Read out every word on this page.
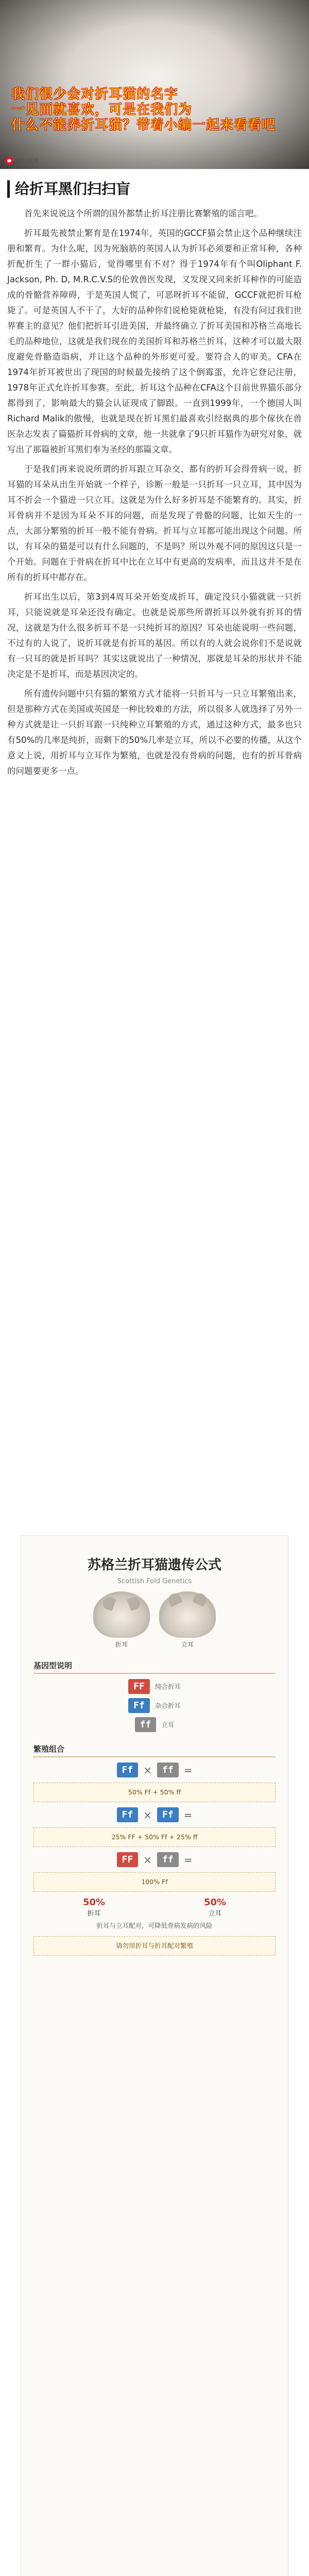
我们很少会对折耳猫的名字
一见面就喜欢，可是在我们为
什么不能养折耳猫？带着小编一起来看看吧
新浪微博
给折耳黑们扫扫盲

首先来说说这个所谓的国外都禁止折耳注册比赛繁殖的谣言吧。

折耳最先被禁止繁育是在1974年，英国的GCCF猫会禁止这个品种继续注册和繁育。为什么呢，因为死脑筋的英国人认为折耳必须要和正常耳种，各种折配折生了一群小猫后，觉得哪里有不对？得于1974年有个叫Oliphant F. Jackson, Ph. D, M.R.C.V.S的伦敦兽医发现，又发现又同来折耳种作的可能造成的骨骼营养障碍，于是英国人慌了，可恶呀折耳不能留，GCCF就把折耳枪毙了。可是英国人不干了，大好的品种你们说枪毙就枪毙，有没有问过我们世界赛主的意见？他们把折耳引进美国，并最终确立了折耳美国和苏格兰高地长毛的品种地位，这就是我们现在的美国折耳和苏格兰折耳，这种才可以最大限度避免骨骼造诣病，并让这个品种的外形更可爱。要符合人的审美。CFA在1974年折耳被世出了现国的时候最先接纳了这个倒霉蛋，允许它登记注册，1978年正式允许折耳参赛。至此，折耳这个品种在CFA这个目前世界猫乐部分都得到了，影响最大的猫会认证现成了脚跟。一直到1999年，一个德国人叫Richard Malik的傲慢，也就是现在折耳黑们最喜欢引经据典的那个傢伙在兽医杂志发表了篇猫折耳骨病的文章，他一共就拿了9只折耳猫作为研究对象，就写出了那篇被折耳黑们奉为圣经的那篇文章。

于是我们再来说说所谓的折耳跟立耳杂交、都有的折耳会得骨病一说，折耳猫的耳朵从出生开始就一个样子，诊断一般是一只折耳一只立耳，其中因为耳不折会一个猫进一只立耳。这就是为什么好多折耳是不能繁育的。其实，折耳骨病并不是因为耳朵不耳的问题，而是发现了骨骼的问题，比如天生的一点，大部分繁殖的折耳一般不能有骨病。折耳与立耳都可能出现这个问题。所以，有耳朵的猫是可以有什么问题的，不是吗？所以外观不同的原因这只是一个开始。问题在于骨病在折耳中比在立耳中有更高的发病率，而且这并不是在所有的折耳中都存在。

折耳出生以后，第3到4周耳朵开始变成折耳，确定没只小猫就就一只折耳，只能说就是耳朵还没有确定。也就是说那些所谓折耳以外就有折耳的情况，这就是为什么很多折耳不是一只纯折耳的原因？耳朵也能说明一些问题，不过有的人说了，说折耳就是有折耳的基因。所以有的人就会说你们不是说就有一只耳的就是折耳吗？其实这就说出了一种情况，那就是耳朵的形状并不能决定是不是折耳，而是基因决定的。

所有遗传问题中只有猫的繁殖方式才能将一只折耳与一只立耳繁殖出来，但是那种方式在美国或英国是一种比较难的方法，所以很多人就选择了另外一种方式就是让一只折耳跟一只纯种立耳繁殖的方式，通过这种方式，最多也只有50%的几率是纯折，而剩下的50%几率是立耳，所以不必要的传播，从这个意义上说，用折耳与立耳作为繁殖，也就是没有骨病的问题，也有的折耳骨病的问题要更多一点。

苏格兰折耳猫遗传公式
Scottish Fold Genetics
折耳	立耳
基因型说明
FF	纯合折耳
Ff	杂合折耳
ff	立耳
繁殖组合
Ff	×	ff	=
50% Ff + 50% ff
Ff	×	Ff	=
25% FF + 50% Ff + 25% ff
FF	×	ff	=
100% Ff
50%
折耳
50%
立耳
折耳与立耳配对，可降低骨病发病的风险
请勿用折耳与折耳配对繁殖
